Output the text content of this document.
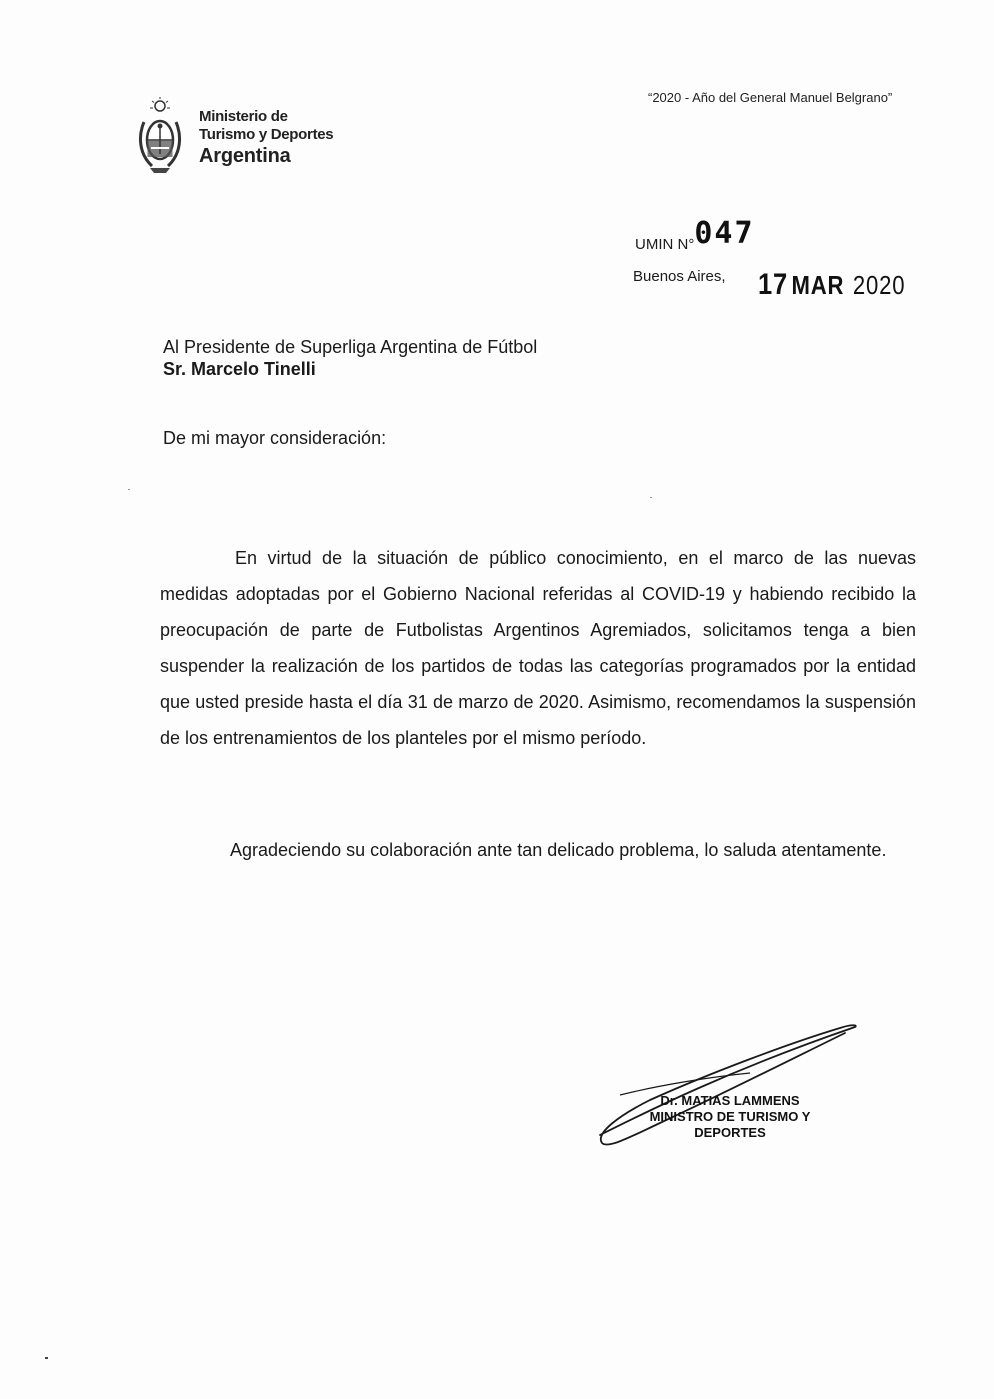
“2020 - Año del General Manuel Belgrano”
Ministerio de
Turismo y Deportes
Argentina
UMIN N°047
Buenos Aires, 17 MAR 2020
Al Presidente de Superliga Argentina de Fútbol
Sr. Marcelo Tinelli
De mi mayor consideración:
En virtud de la situación de público conocimiento, en el marco de las nuevas medidas adoptadas por el Gobierno Nacional referidas al COVID-19 y habiendo recibido la preocupación de parte de Futbolistas Argentinos Agremiados, solicitamos tenga a bien suspender la realización de los partidos de todas las categorías programados por la entidad que usted preside hasta el día 31 de marzo de 2020. Asimismo, recomendamos la suspensión de los entrenamientos de los planteles por el mismo período.
Agradeciendo su colaboración ante tan delicado problema, lo saluda atentamente.
Dr. MATIAS LAMMENS
MINISTRO DE TURISMO Y
DEPORTES
